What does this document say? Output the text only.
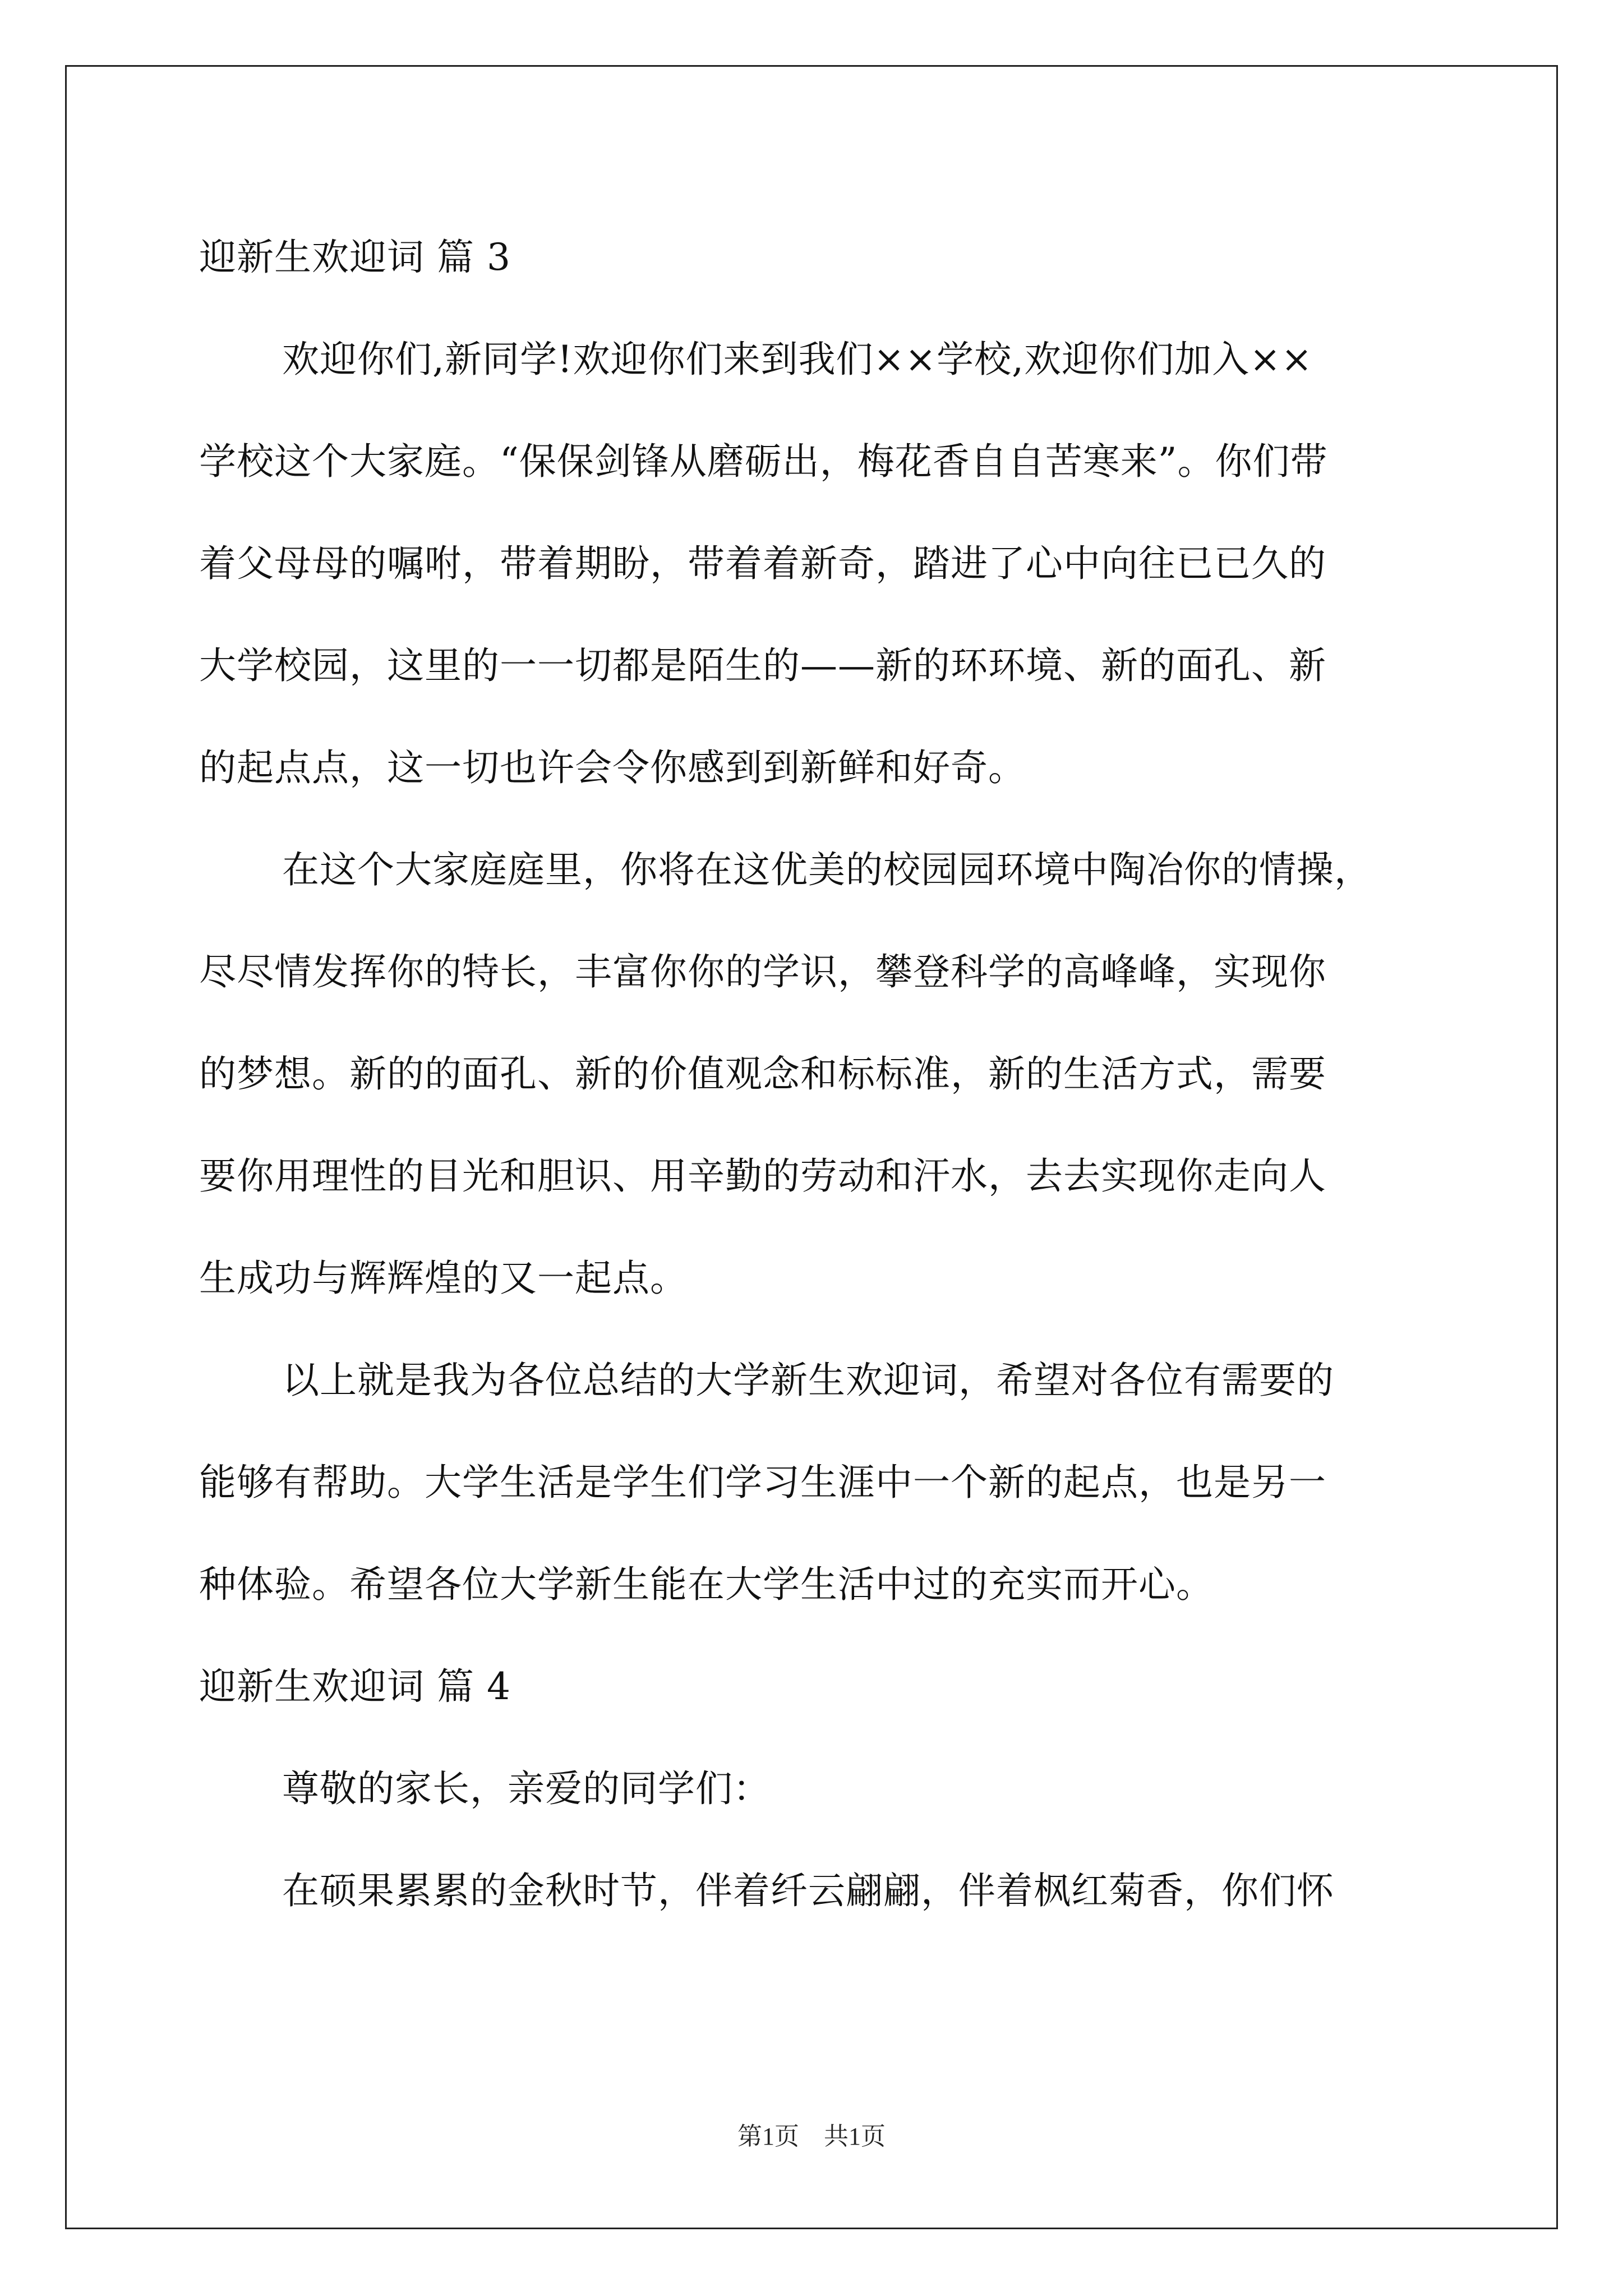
迎新生欢迎词 篇 3
欢迎你们,新同学!欢迎你们来到我们××学校,欢迎你们加入××
学校这个大家庭。“保保剑锋从磨砺出，梅花香自自苦寒来”。你们带
着父母母的嘱咐，带着期盼，带着着新奇，踏进了心中向往已已久的
大学校园，这里的一一切都是陌生的——新的环环境、新的面孔、新
的起点点，这一切也许会令你感到到新鲜和好奇。
在这个大家庭庭里，你将在这优美的校园园环境中陶冶你的情操，
尽尽情发挥你的特长，丰富你你的学识，攀登科学的高峰峰，实现你
的梦想。新的的面孔、新的价值观念和标标准，新的生活方式，需要
要你用理性的目光和胆识、用辛勤的劳动和汗水，去去实现你走向人
生成功与辉辉煌的又一起点。
以上就是我为各位总结的大学新生欢迎词，希望对各位有需要的
能够有帮助。大学生活是学生们学习生涯中一个新的起点，也是另一
种体验。希望各位大学新生能在大学生活中过的充实而开心。
迎新生欢迎词 篇 4
尊敬的家长，亲爱的同学们：
在硕果累累的金秋时节，伴着纤云翩翩，伴着枫红菊香，你们怀
第1页　共1页
